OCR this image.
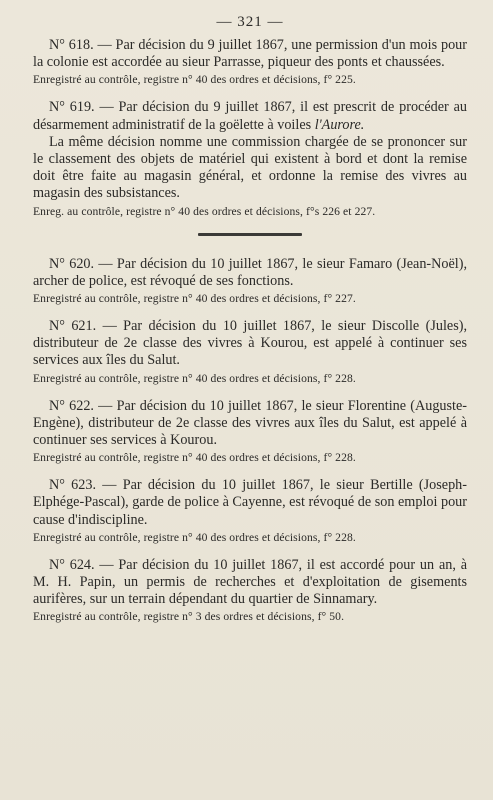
— 321 —

N° 618. — Par décision du 9 juillet 1867, une permission d'un mois pour la colonie est accordée au sieur Parrasse, piqueur des ponts et chaussées.

Enregistré au contrôle, registre n° 40 des ordres et décisions, f° 225.

N° 619. — Par décision du 9 juillet 1867, il est prescrit de procéder au désarmement administratif de la goëlette à voiles l'Aurore.

La même décision nomme une commission chargée de se prononcer sur le classement des objets de matériel qui existent à bord et dont la remise doit être faite au magasin général, et ordonne la remise des vivres au magasin des subsistances.

Enreg. au contrôle, registre n° 40 des ordres et décisions, f°s 226 et 227.

N° 620. — Par décision du 10 juillet 1867, le sieur Famaro (Jean-Noël), archer de police, est révoqué de ses fonctions.

Enregistré au contrôle, registre n° 40 des ordres et décisions, f° 227.

N° 621. — Par décision du 10 juillet 1867, le sieur Discolle (Jules), distributeur de 2e classe des vivres à Kourou, est appelé à continuer ses services aux îles du Salut.

Enregistré au contrôle, registre n° 40 des ordres et décisions, f° 228.

N° 622. — Par décision du 10 juillet 1867, le sieur Florentine (Auguste-Engène), distributeur de 2e classe des vivres aux îles du Salut, est appelé à continuer ses services à Kourou.

Enregistré au contrôle, registre n° 40 des ordres et décisions, f° 228.

N° 623. — Par décision du 10 juillet 1867, le sieur Bertille (Joseph-Elphége-Pascal), garde de police à Cayenne, est révoqué de son emploi pour cause d'indiscipline.

Enregistré au contrôle, registre n° 40 des ordres et décisions, f° 228.

N° 624. — Par décision du 10 juillet 1867, il est accordé pour un an, à M. H. Papin, un permis de recherches et d'exploitation de gisements aurifères, sur un terrain dépendant du quartier de Sinnamary.

Enregistré au contrôle, registre n° 3 des ordres et décisions, f° 50.
